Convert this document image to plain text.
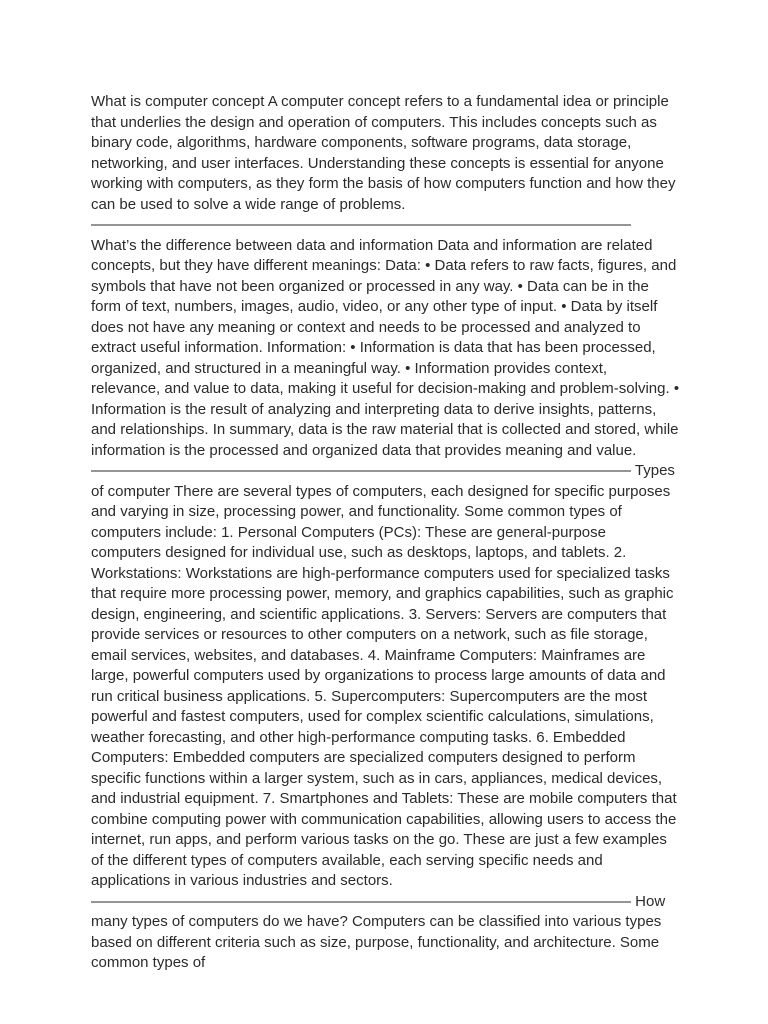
What is computer concept A computer concept refers to a fundamental idea or principle that underlies the design and operation of computers. This includes concepts such as binary code, algorithms, hardware components, software programs, data storage, networking, and user interfaces. Understanding these concepts is essential for anyone working with computers, as they form the basis of how computers function and how they can be used to solve a wide range of problems. ———————————————————————————————————— What’s the difference between data and information Data and information are related concepts, but they have different meanings: Data: • Data refers to raw facts, figures, and symbols that have not been organized or processed in any way. • Data can be in the form of text, numbers, images, audio, video, or any other type of input. • Data by itself does not have any meaning or context and needs to be processed and analyzed to extract useful information. Information: • Information is data that has been processed, organized, and structured in a meaningful way. • Information provides context, relevance, and value to data, making it useful for decision-making and problem-solving. • Information is the result of analyzing and interpreting data to derive insights, patterns, and relationships. In summary, data is the raw material that is collected and stored, while information is the processed and organized data that provides meaning and value. ———————————————————————————————————— Types of computer There are several types of computers, each designed for specific purposes and varying in size, processing power, and functionality. Some common types of computers include: 1. Personal Computers (PCs): These are general-purpose computers designed for individual use, such as desktops, laptops, and tablets. 2. Workstations: Workstations are high-performance computers used for specialized tasks that require more processing power, memory, and graphics capabilities, such as graphic design, engineering, and scientific applications. 3. Servers: Servers are computers that provide services or resources to other computers on a network, such as file storage, email services, websites, and databases. 4. Mainframe Computers: Mainframes are large, powerful computers used by organizations to process large amounts of data and run critical business applications. 5. Supercomputers: Supercomputers are the most powerful and fastest computers, used for complex scientific calculations, simulations, weather forecasting, and other high-performance computing tasks. 6. Embedded Computers: Embedded computers are specialized computers designed to perform specific functions within a larger system, such as in cars, appliances, medical devices, and industrial equipment. 7. Smartphones and Tablets: These are mobile computers that combine computing power with communication capabilities, allowing users to access the internet, run apps, and perform various tasks on the go. These are just a few examples of the different types of computers available, each serving specific needs and applications in various industries and sectors. ———————————————————————————————————— How many types of computers do we have? Computers can be classified into various types based on different criteria such as size, purpose, functionality, and architecture. Some common types of
